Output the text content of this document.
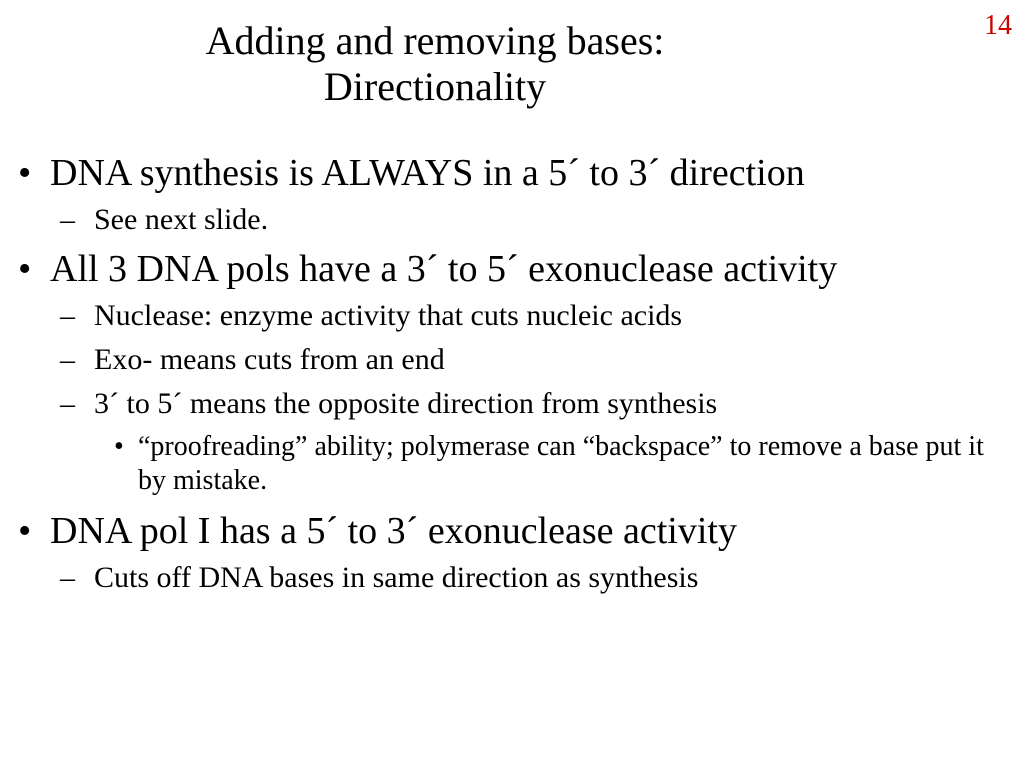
14
Adding and removing bases:
Directionality
• DNA synthesis is ALWAYS in a 5´ to 3´ direction
– See next slide.
• All 3 DNA pols have a 3´ to 5´ exonuclease activity
– Nuclease: enzyme activity that cuts nucleic acids
– Exo- means cuts from an end
– 3´ to 5´ means the opposite direction from synthesis
• “proofreading” ability; polymerase can “backspace” to remove a base put it by mistake.
• DNA pol I has a 5´ to 3´ exonuclease activity
– Cuts off DNA bases in same direction as synthesis
